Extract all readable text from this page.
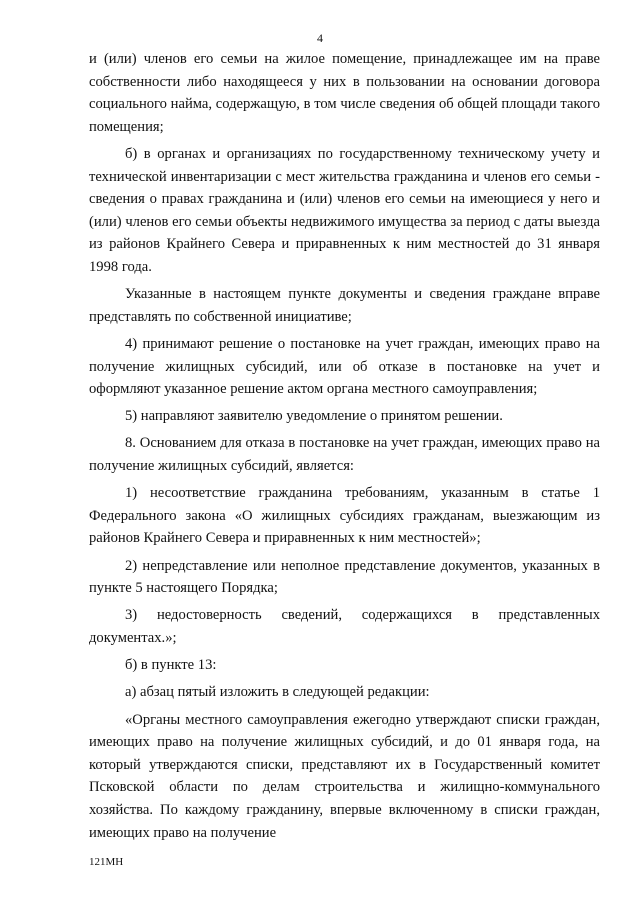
4

и (или) членов его семьи на жилое помещение, принадлежащее им на праве собственности либо находящееся у них в пользовании на основании договора социального найма, содержащую, в том числе сведения об общей площади такого помещения;

б) в органах и организациях по государственному техническому учету и технической инвентаризации с мест жительства гражданина и членов его семьи - сведения о правах гражданина и (или) членов его семьи на имеющиеся у него и (или) членов его семьи объекты недвижимого имущества за период с даты выезда из районов Крайнего Севера и приравненных к ним местностей до 31 января 1998 года.

Указанные в настоящем пункте документы и сведения граждане вправе представлять по собственной инициативе;

4) принимают решение о постановке на учет граждан, имеющих право на получение жилищных субсидий, или об отказе в постановке на учет и оформляют указанное решение актом органа местного самоуправления;

5) направляют заявителю уведомление о принятом решении.

8. Основанием для отказа в постановке на учет граждан, имеющих право на получение жилищных субсидий, является:

1) несоответствие гражданина требованиям, указанным в статье 1 Федерального закона «О жилищных субсидиях гражданам, выезжающим из районов Крайнего Севера и приравненных к ним местностей»;

2) непредставление или неполное представление документов, указанных в пункте 5 настоящего Порядка;

3) недостоверность сведений, содержащихся в представленных документах.»;

б) в пункте 13:

а) абзац пятый изложить в следующей редакции:

«Органы местного самоуправления ежегодно утверждают списки граждан, имеющих право на получение жилищных субсидий, и до 01 января года, на который утверждаются списки, представляют их в Государственный комитет Псковской области по делам строительства и жилищно-коммунального хозяйства. По каждому гражданину, впервые включенному в списки граждан, имеющих право на получение

121МН
